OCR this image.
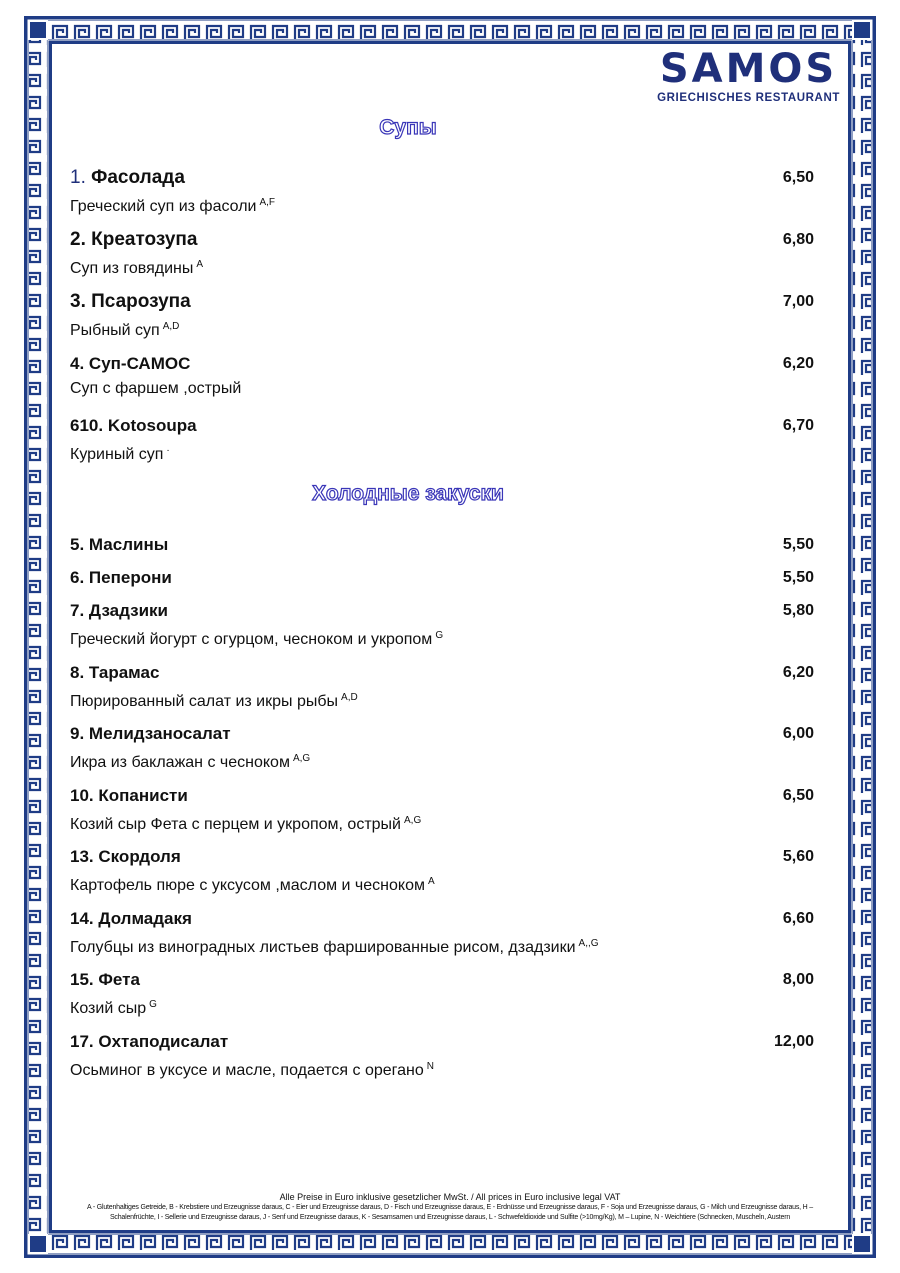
SAMOS
GRIECHISCHES RESTAURANT
Супы
1. Фасолада	6,50
Греческий суп из фасоли $^{A,F}$
2. Креатозупа	6,80
Суп из говядины $^A$
3. Псарозупа	7,00
Рыбный суп $^{A,D}$
4. Суп-САМОС	6,20
Суп с фаршем ,острый
610. Kotosoupa	6,70
Куриный суп ·
Холодные закуски
5. Маслины	5,50
6. Пеперони	5,50
7. Дзадзики	5,80
Греческий йогурт с огурцом, чесноком и укропом $^G$
8. Тарамас	6,20
Пюрированный салат из икры рыбы $^{A,D}$
9. Мелидзаносалат	6,00
Икра из баклажан с чесноком $^{A,G}$
10. Копанисти	6,50
Козий сыр Фета с перцем и укропом, острый $^{A,G}$
13. Скордоля	5,60
Картофель пюре с уксусом ,маслом и чесноком $^A$
14. Долмадакя	6,60
Голубцы из виноградных листьев фаршированные рисом, дзадзики $^{A,,G}$
15. Фета	8,00
Козий сыр $^G$
17. Охтаподисалат	12,00
Осьминог в уксусе и масле, подается с орегано $^N$
Alle Preise in Euro inklusive gesetzlicher MwSt. / All prices in Euro inclusive legal VAT
A - Glutenhaltiges Getreide, B - Krebstiere und Erzeugnisse daraus, C - Eier und Erzeugnisse daraus, D - Fisch und Erzeugnisse daraus, E - Erdnüsse und Erzeugnisse daraus, F - Soja und Erzeugnisse daraus, G - Milch und Erzeugnisse daraus, H –
Schalenfrüchte, I - Sellerie und Erzeugnisse daraus, J - Senf und Erzeugnisse daraus, K - Sesamsamen und Erzeugnisse daraus, L - Schwefeldioxide und Sulfite (>10mg/Kg), M – Lupine, N - Weichtiere (Schnecken, Muscheln, Austern
